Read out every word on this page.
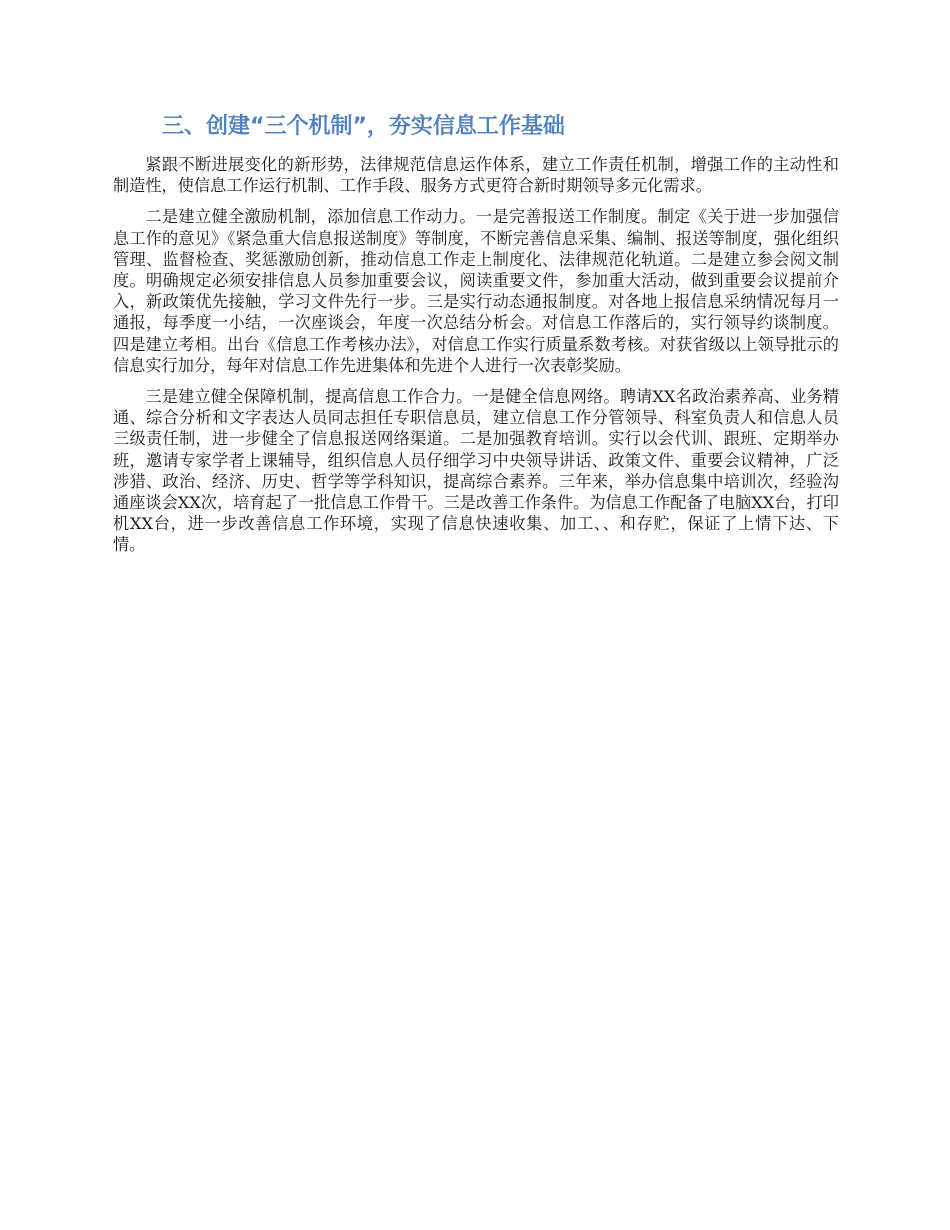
三、创建“三个机制”，夯实信息工作基础

紧跟不断进展变化的新形势，法律规范信息运作体系，建立工作责任机制，增强工作的主动性和制造性，使信息工作运行机制、工作手段、服务方式更符合新时期领导多元化需求。

二是建立健全激励机制，添加信息工作动力。一是完善报送工作制度。制定《关于进一步加强信息工作的意见》《紧急重大信息报送制度》等制度，不断完善信息采集、编制、报送等制度，强化组织管理、监督检查、奖惩激励创新，推动信息工作走上制度化、法律规范化轨道。二是建立参会阅文制度。明确规定必须安排信息人员参加重要会议，阅读重要文件，参加重大活动，做到重要会议提前介入，新政策优先接触，学习文件先行一步。三是实行动态通报制度。对各地上报信息采纳情况每月一通报，每季度一小结，一次座谈会，年度一次总结分析会。对信息工作落后的，实行领导约谈制度。四是建立考相。出台《信息工作考核办法》，对信息工作实行质量系数考核。对获省级以上领导批示的信息实行加分，每年对信息工作先进集体和先进个人进行一次表彰奖励。

三是建立健全保障机制，提高信息工作合力。一是健全信息网络。聘请XX名政治素养高、业务精通、综合分析和文字表达人员同志担任专职信息员，建立信息工作分管领导、科室负责人和信息人员三级责任制，进一步健全了信息报送网络渠道。二是加强教育培训。实行以会代训、跟班、定期举办班，邀请专家学者上课辅导，组织信息人员仔细学习中央领导讲话、政策文件、重要会议精神，广泛涉猎、政治、经济、历史、哲学等学科知识，提高综合素养。三年来，举办信息集中培训次，经验沟通座谈会XX次，培育起了一批信息工作骨干。三是改善工作条件。为信息工作配备了电脑XX台，打印机XX台，进一步改善信息工作环境，实现了信息快速收集、加工、、和存贮，保证了上情下达、下情。
